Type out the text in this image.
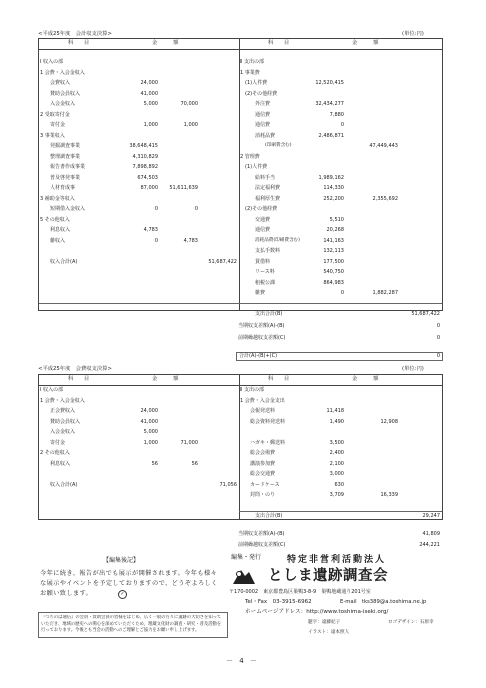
<平成25年度　会計収支決算>	(単位:円)
科　　目	金　　　額	科　　目	金　　　額
Ⅰ 収入の部
1 会費・入会金収入
会費収入	24,000
賛助会員収入	41,000
入会金収入	5,000	70,000
2 受取寄付金
寄付金	1,000	1,000
3 事業収入
発掘調査事業	38,648,415
整理調査事業	4,310,829
報告書作成事業	7,898,892
普及啓発事業	674,503
人材育成事	87,000	51,611,639
3 補助金等収入
短期借入金収入	0	0
5 その他収入
利息収入	4,783
雑収入	0	4,783
収入合計(A)	51,687,422
Ⅱ 支出の部
1 事業費
(1)人件費	12,520,415
(2)その他経費
外注費	32,434,277
通信費	7,880
通信費	0
消耗品費	2,486,871
(印刷費含む)	47,449,443
2 管理費
(1)人件費
給料手当	1,989,162
法定福利費	114,330
福利厚生費	252,200	2,355,692
(2)その他経費
交通費	5,510
通信費	20,268
消耗品費(印刷費含む)	141,163
支払手数料	132,113
賃借料	177,500
リース料	540,750
租税公課	864,983
雑費	0	1,882,287
支出合計(B)	51,687,422
当期収支差額(A)-(B)	0
前期繰越収支差額(C)	0
合計(A)-(B)+(C)	0
<平成25年度　会費収支決算>	(単位:円)
科　　目	金　　　額	科　　目	金　　　額
Ⅰ 収入の部
1 会費・入会金収入
正会費収入	24,000
賛助会員収入	41,000
入会金収入	5,000
寄付金	1,000	71,000
2 その他収入
利息収入	56	56
収入合計(A)	71,056
Ⅱ 支出の部
1 会費・入会金支出
会報発送料	11,418
総会資料発送料	1,490	12,908
ハガキ・郵送料	3,500
総会会場費	2,400
講演参加費	2,100
総会交通費	3,000
カードケース	630
封筒・のり	3,709	16,339
支出合計(B)	29,247
当期収支差額(A)-(B)	41,809
前期繰越収支差額(C)	244,221
【編集後記】
今年に続き、報告が出でも展示が開催されます。今年も様々な展示やイベントを予定しておりますので、どうぞよろしくお願い致します。	✓
『つちのは通信』の会員・賛助会員の皆様をはじめ、広く一般の方々に遺跡の大切さを知っていただき、地域の歴史への関心を深めていただくため、埋蔵文化財の調査・研究・普及活動を行っております。今後とも当会の活動へのご理解とご協力をお願い申し上げます。
編集・発行	特定非営利活動法人
としま遺跡調査会
〒170-0002　東京都豊島区巣鴨3-8-9　巣鴨地蔵通り201号室
Tel・Fax　03-3915-6962	E-mail　tks389@a.toshima.ne.jp
ホームページアドレス：http://www.toshima-iseki.org/
題字：遠藤紀子	ロゴデザイン：石原幸
イラスト：遠本照人
－ 4 －
